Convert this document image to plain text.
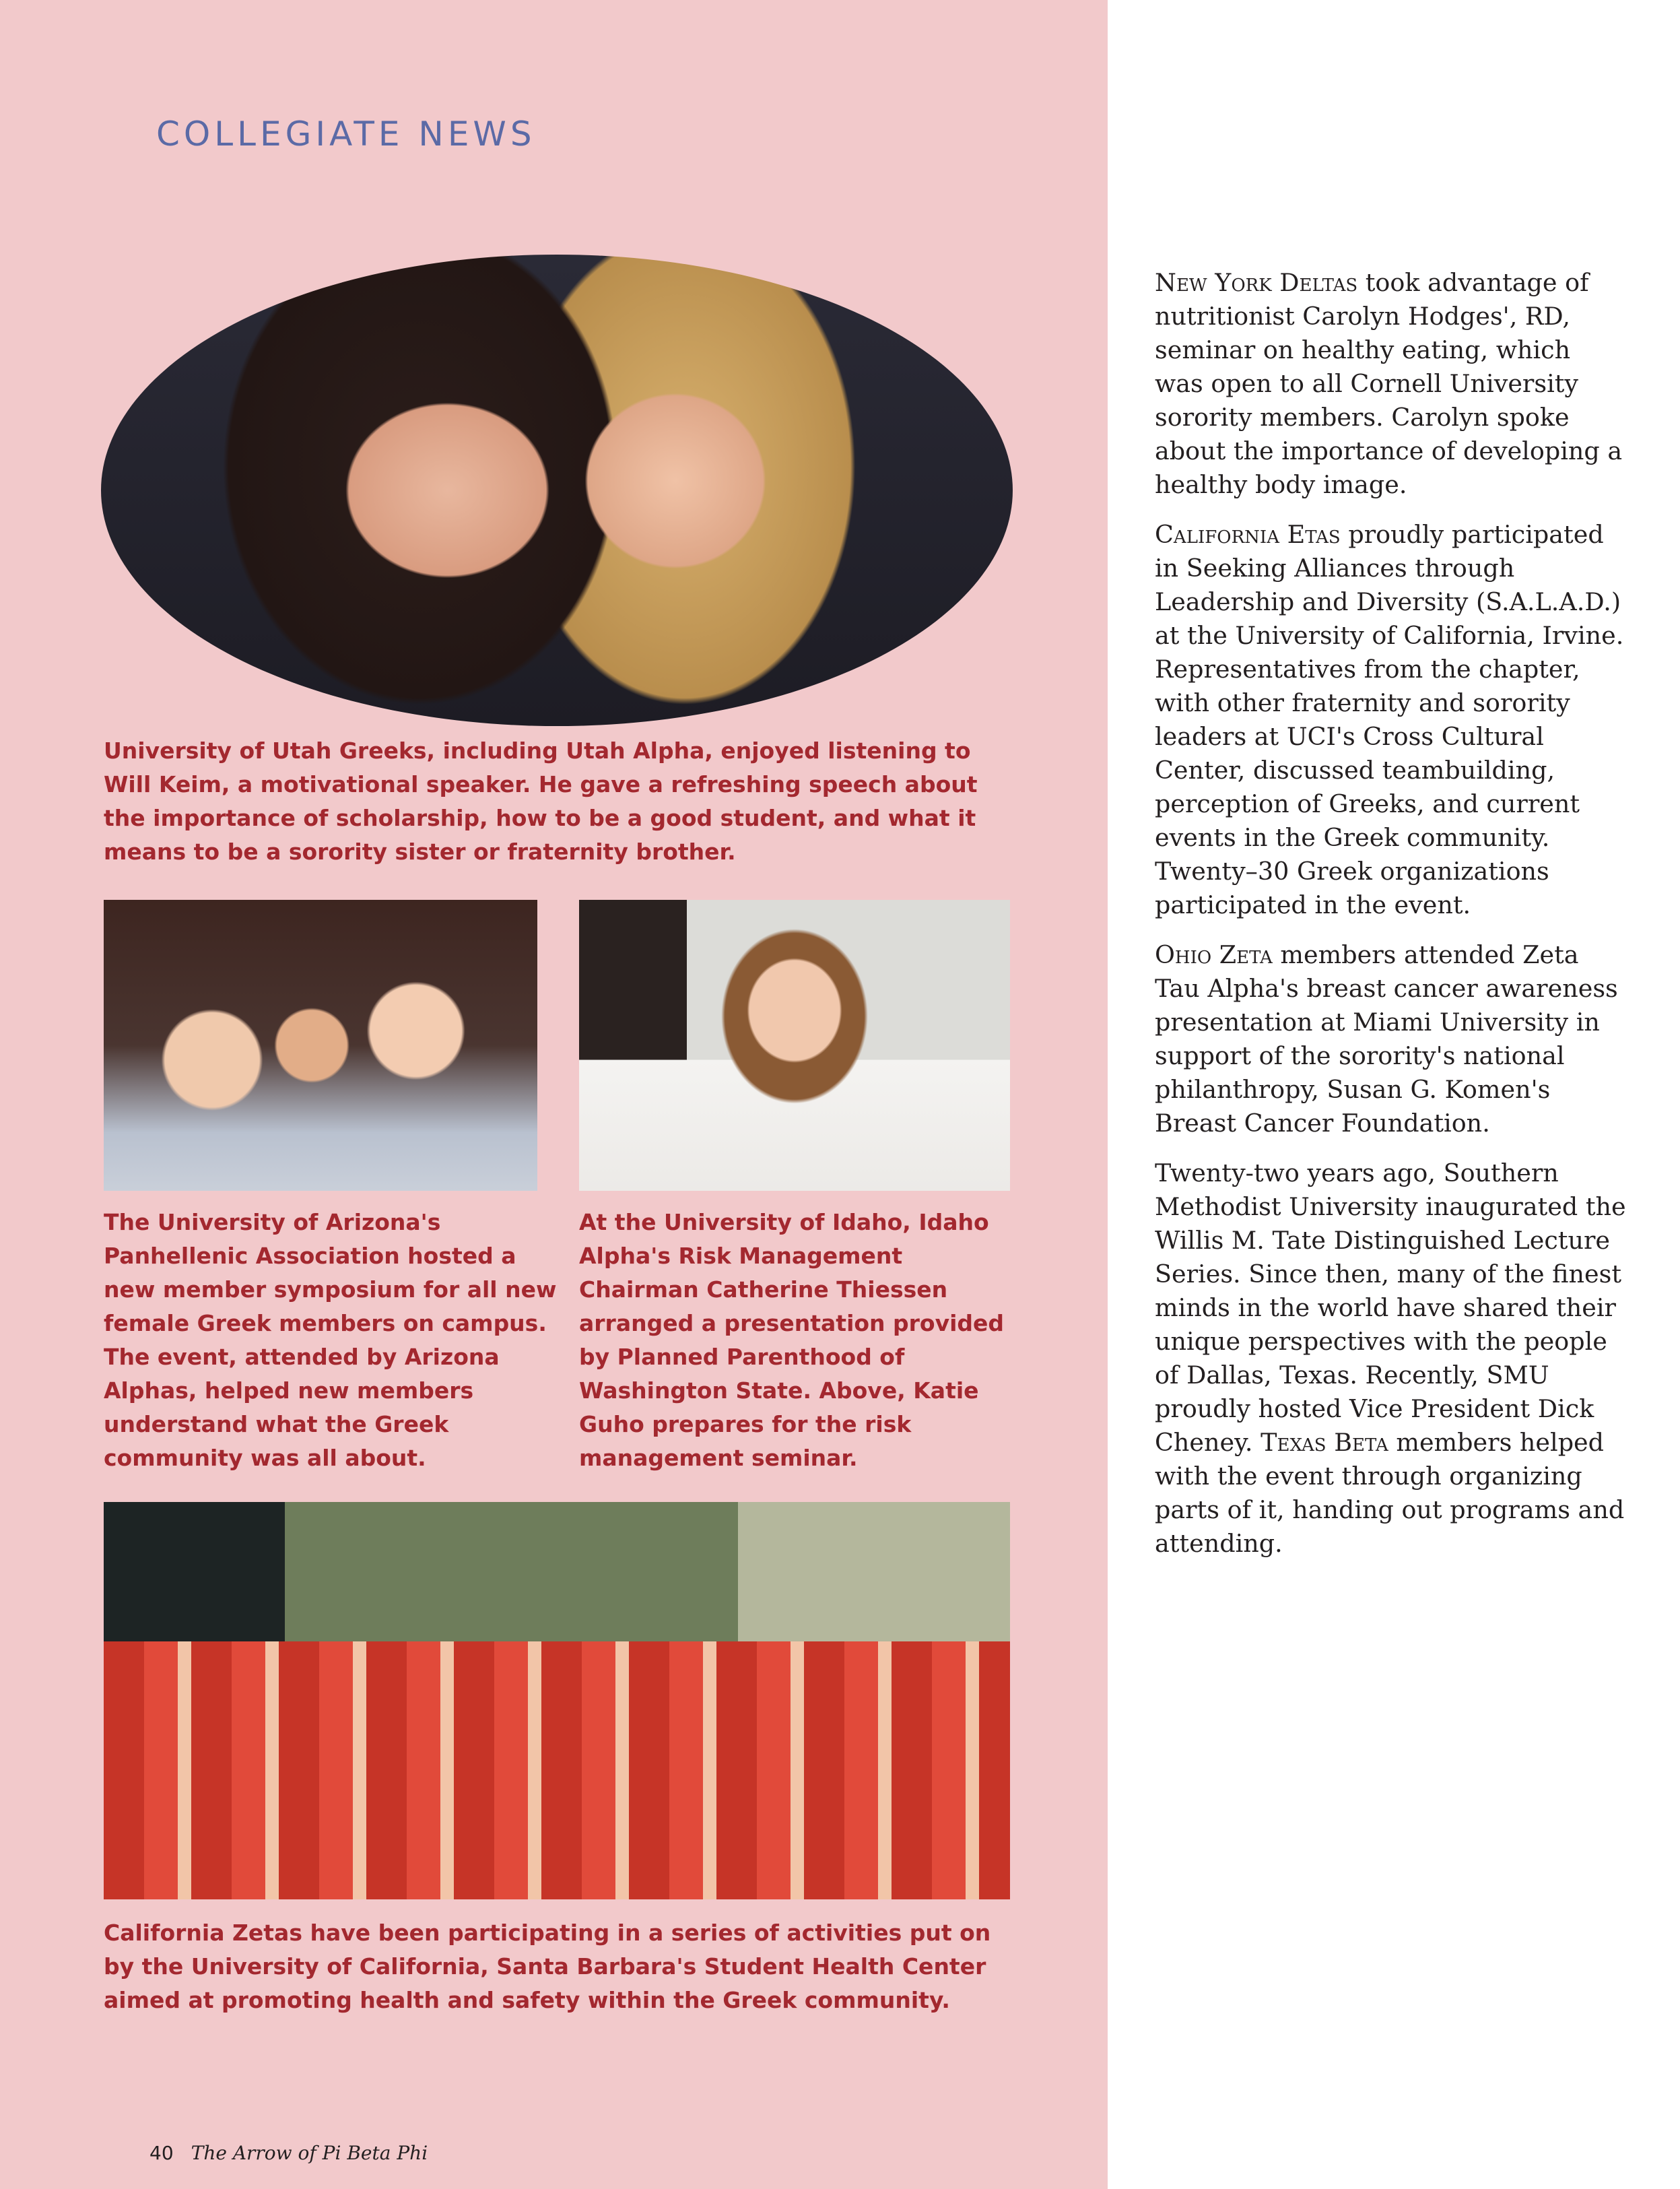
COLLEGIATE NEWS
University of Utah Greeks, including Utah Alpha, enjoyed listening to Will Keim, a motivational speaker. He gave a refreshing speech about the importance of scholarship, how to be a good student, and what it means to be a sorority sister or fraternity brother.
The University of Arizona's Panhellenic Association hosted a new member symposium for all new female Greek members on campus. The event, attended by Arizona Alphas, helped new members understand what the Greek community was all about.
At the University of Idaho, Idaho Alpha's Risk Management Chairman Catherine Thiessen arranged a presentation provided by Planned Parenthood of Washington State. Above, Katie Guho prepares for the risk management seminar.
California Zetas have been participating in a series of activities put on by the University of California, Santa Barbara's Student Health Center aimed at promoting health and safety within the Greek community.

New York Deltas took advantage of nutritionist Carolyn Hodges', RD, seminar on healthy eating, which was open to all Cornell University sorority members. Carolyn spoke about the importance of developing a healthy body image.

California Etas proudly participated in Seeking Alliances through Leadership and Diversity (S.A.L.A.D.) at the University of California, Irvine. Representatives from the chapter, with other fraternity and sorority leaders at UCI's Cross Cultural Center, discussed teambuilding, perception of Greeks, and current events in the Greek community. Twenty–30 Greek organizations participated in the event.

Ohio Zeta members attended Zeta Tau Alpha's breast cancer awareness presentation at Miami University in support of the sorority's national philanthropy, Susan G. Komen's Breast Cancer Foundation.

Twenty-two years ago, Southern Methodist University inaugurated the Willis M. Tate Distinguished Lecture Series. Since then, many of the finest minds in the world have shared their unique perspectives with the people of Dallas, Texas. Recently, SMU proudly hosted Vice President Dick Cheney. Texas Beta members helped with the event through organizing parts of it, handing out programs and attending.

40 The Arrow of Pi Beta Phi
